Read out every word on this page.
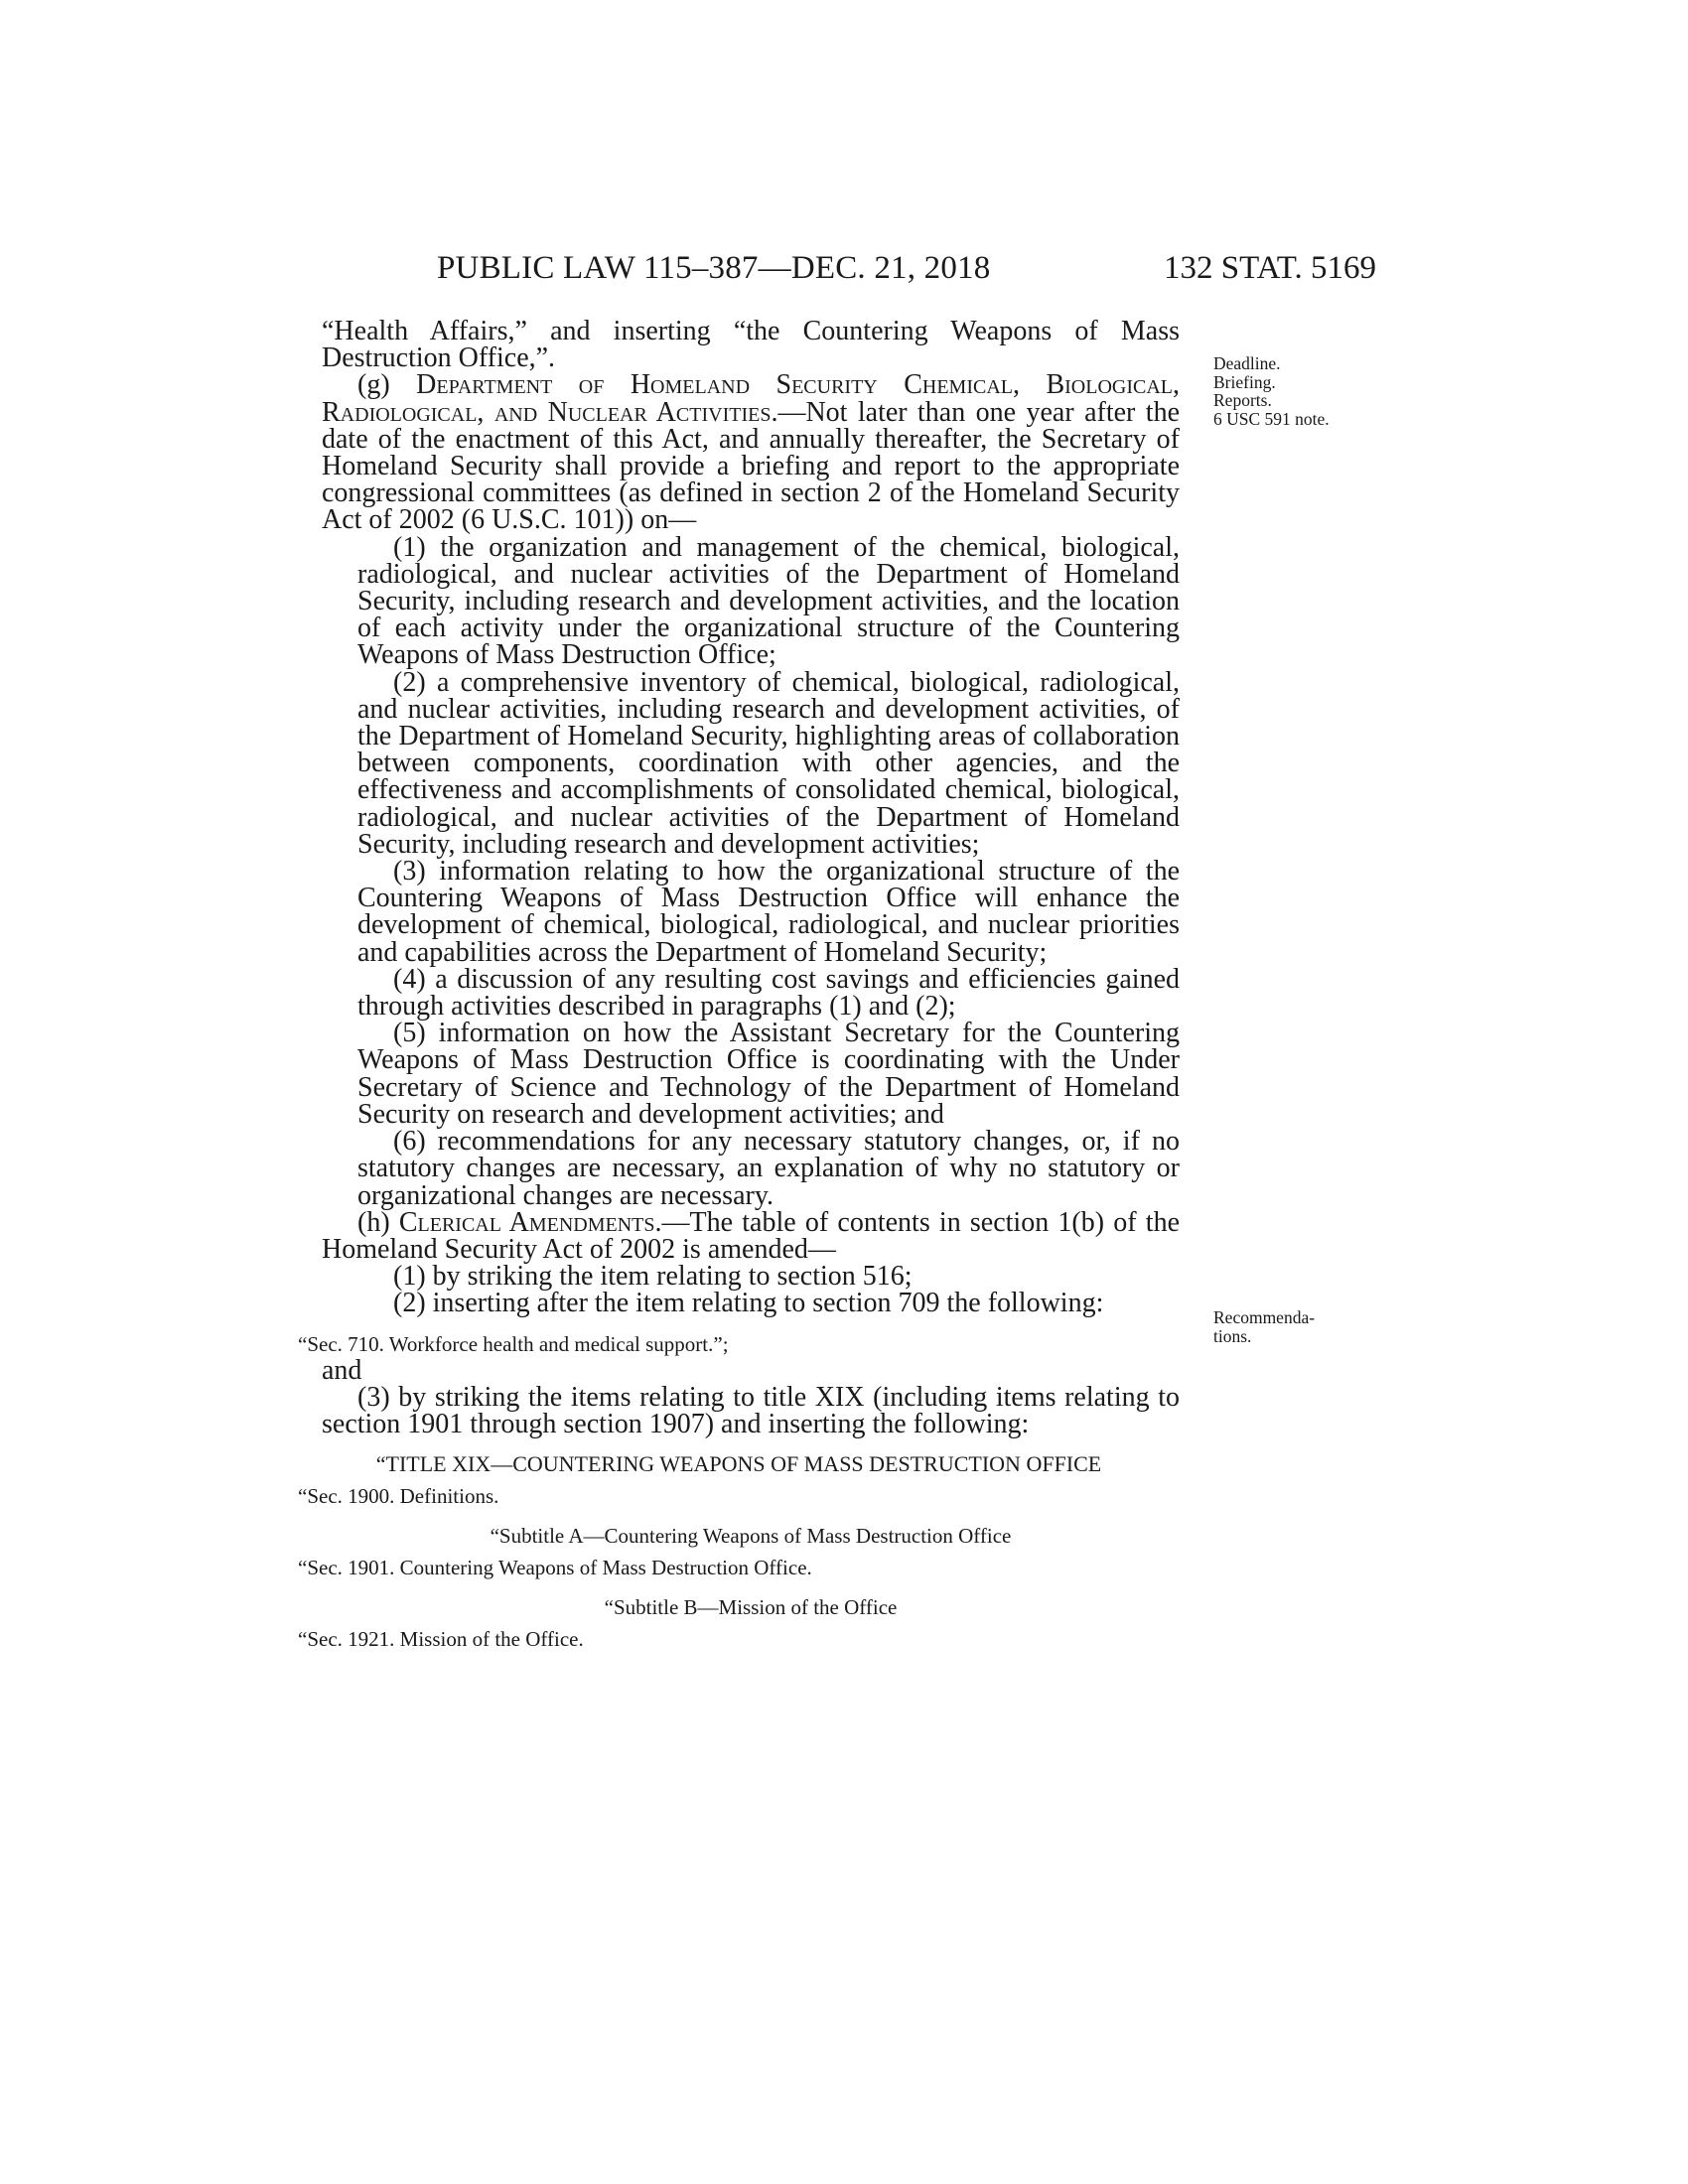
PUBLIC LAW 115–387—DEC. 21, 2018	132 STAT. 5169
Deadline.
Briefing.
Reports.
6 USC 591 note.
Recommenda-
tions.

“Health Affairs,” and inserting “the Countering Weapons of Mass Destruction Office,”.

(g) Department of Homeland Security Chemical, Biological, Radiological, and Nuclear Activities.—Not later than one year after the date of the enactment of this Act, and annually thereafter, the Secretary of Homeland Security shall provide a briefing and report to the appropriate congressional committees (as defined in section 2 of the Homeland Security Act of 2002 (6 U.S.C. 101)) on—

(1) the organization and management of the chemical, biological, radiological, and nuclear activities of the Department of Homeland Security, including research and development activities, and the location of each activity under the organizational structure of the Countering Weapons of Mass Destruction Office;

(2) a comprehensive inventory of chemical, biological, radiological, and nuclear activities, including research and development activities, of the Department of Homeland Security, highlighting areas of collaboration between components, coordination with other agencies, and the effectiveness and accomplishments of consolidated chemical, biological, radiological, and nuclear activities of the Department of Homeland Security, including research and development activities;

(3) information relating to how the organizational structure of the Countering Weapons of Mass Destruction Office will enhance the development of chemical, biological, radiological, and nuclear priorities and capabilities across the Department of Homeland Security;

(4) a discussion of any resulting cost savings and efficiencies gained through activities described in paragraphs (1) and (2);

(5) information on how the Assistant Secretary for the Countering Weapons of Mass Destruction Office is coordinating with the Under Secretary of Science and Technology of the Department of Homeland Security on research and development activities; and

(6) recommendations for any necessary statutory changes, or, if no statutory changes are necessary, an explanation of why no statutory or organizational changes are necessary.

(h) Clerical Amendments.—The table of contents in section 1(b) of the Homeland Security Act of 2002 is amended—

(1) by striking the item relating to section 516;

(2) inserting after the item relating to section 709 the following:

“Sec. 710. Workforce health and medical support.”;

and

(3) by striking the items relating to title XIX (including items relating to section 1901 through section 1907) and inserting the following:

“TITLE XIX—COUNTERING WEAPONS OF MASS DESTRUCTION OFFICE
“Sec. 1900. Definitions.
“Subtitle A—Countering Weapons of Mass Destruction Office
“Sec. 1901. Countering Weapons of Mass Destruction Office.
“Subtitle B—Mission of the Office
“Sec. 1921. Mission of the Office.
